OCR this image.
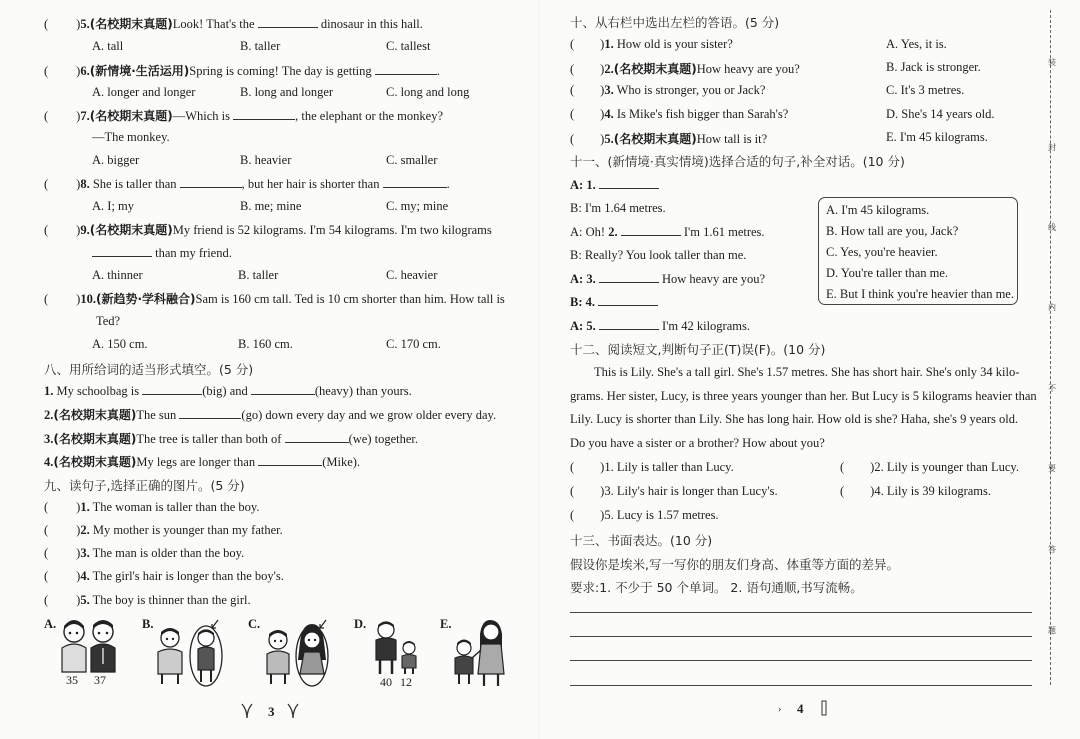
( )5.(名校期末真题)Look! That's the	dinosaur in this hall.
A. tall	B. taller	C. tallest
( )6.(新情境·生活运用)Spring is coming! The day is getting	.
A. longer and longer	B. long and longer	C. long and long
( )7.(名校期末真题)—Which is	, the elephant or the monkey?
—The monkey.
A. bigger	B. heavier	C. smaller
( )8. She is taller than	, but her hair is shorter than	.
A. I; my	B. me; mine	C. my; mine
( )9.(名校期末真题)My friend is 52 kilograms. I'm 54 kilograms. I'm two kilograms
than my friend.
A. thinner	B. taller	C. heavier
( )10.(新趋势·学科融合)Sam is 160 cm tall. Ted is 10 cm shorter than him. How tall is
Ted?
A. 150 cm.	B. 160 cm.	C. 170 cm.
八、用所给词的适当形式填空。(5 分)
1. My schoolbag is	(big) and	(heavy) than yours.
2.(名校期末真题)The sun	(go) down every day and we grow older every day.
3.(名校期末真题)The tree is taller than both of	(we) together.
4.(名校期末真题)My legs are longer than	(Mike).
九、读句子,选择正确的图片。(5 分)
( )1. The woman is taller than the boy.
( )2. My mother is younger than my father.
( )3. The man is older than the boy.
( )4. The girl's hair is longer than the boy's.
( )5. The boy is thinner than the girl.
A.	B.	C.	D.	E.
35 37	40 12
3
十、从右栏中选出左栏的答语。(5 分)
( )1. How old is your sister?
( )2.(名校期末真题)How heavy are you?
( )3. Who is stronger, you or Jack?
( )4. Is Mike's fish bigger than Sarah's?
( )5.(名校期末真题)How tall is it?
A. Yes, it is.
B. Jack is stronger.
C. It's 3 metres.
D. She's 14 years old.
E. I'm 45 kilograms.
十一、(新情境·真实情境)选择合适的句子,补全对话。(10 分)
A: 1.
B: I'm 1.64 metres.
A: Oh! 2.	I'm 1.61 metres.
B: Really? You look taller than me.
A: 3.	How heavy are you?
B: 4.
A: 5.	I'm 42 kilograms.
A. I'm 45 kilograms.
B. How tall are you, Jack?
C. Yes, you're heavier.
D. You're taller than me.
E. But I think you're heavier than me.
十二、阅读短文,判断句子正(T)误(F)。(10 分)
This is Lily. She's a tall girl. She's 1.57 metres. She has short hair. She's only 34 kilo-
grams. Her sister, Lucy, is three years younger than her. But Lucy is 5 kilograms heavier than
Lily. Lucy is shorter than Lily. She has long hair. How old is she? Haha, she's 9 years old.
Do you have a sister or a brother? How about you?
( )1. Lily is taller than Lucy.	( )2. Lily is younger than Lucy.
( )3. Lily's hair is longer than Lucy's.	( )4. Lily is 39 kilograms.
( )5. Lucy is 1.57 metres.
十三、书面表达。(10 分)
假设你是埃米,写一写你的朋友们身高、体重等方面的差异。
要求:1. 不少于 50 个单词。 2. 语句通顺,书写流畅。
› 4
装
封
线
内
不
要
答
题
